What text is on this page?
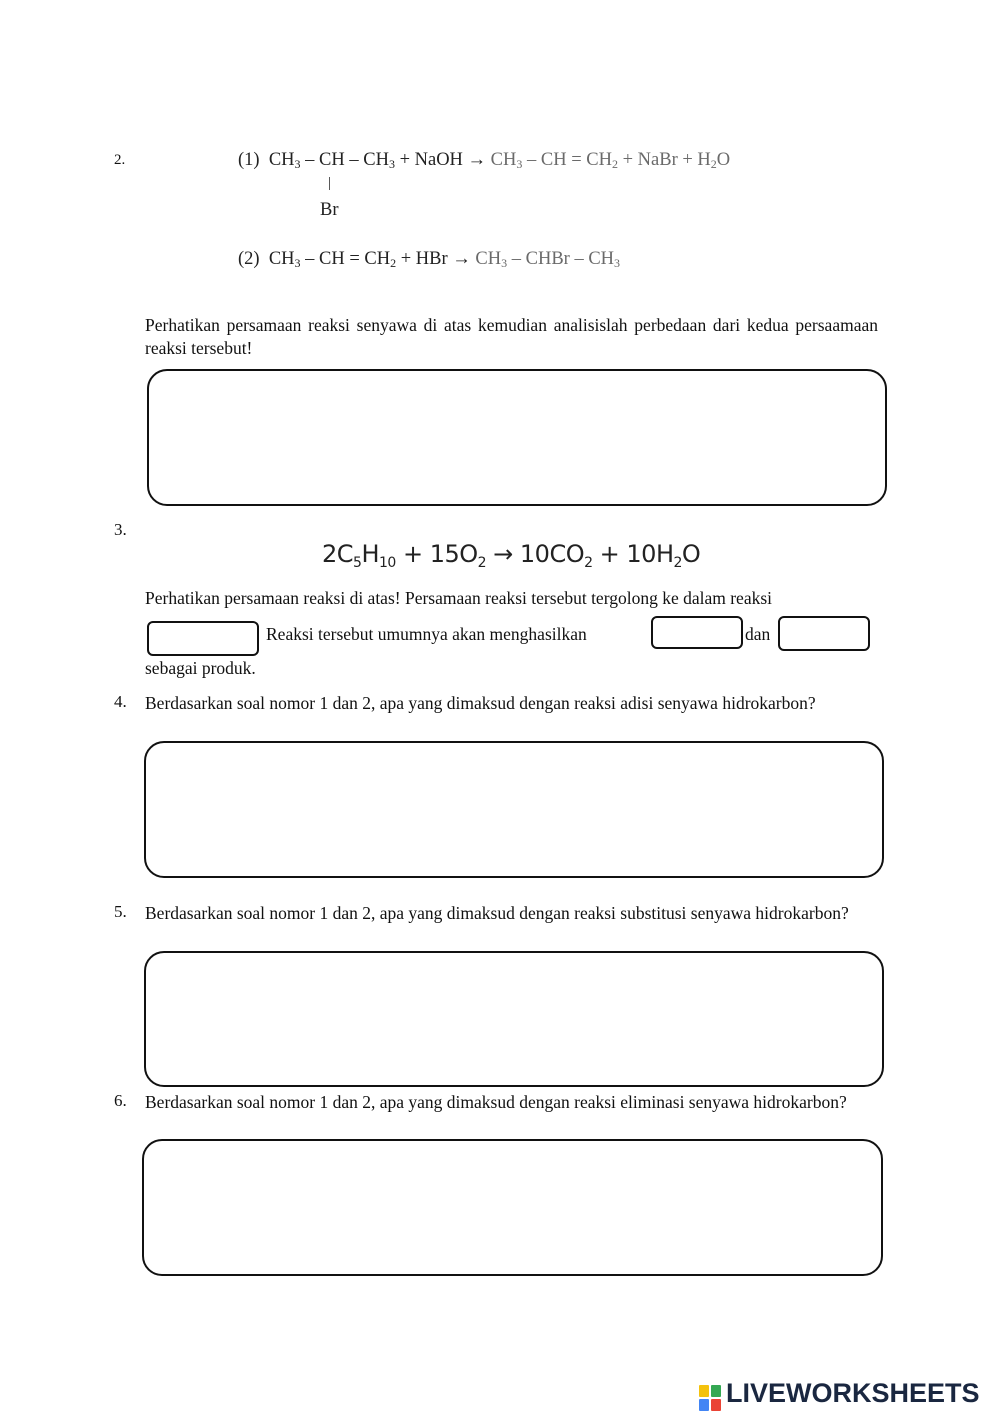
2.	(1) $CH_3$ – CH – $CH_3$ + NaOH → $CH_3$ – CH = $CH_2$ + NaBr + $H_2O$
|
Br
(2) $CH_3$ – CH = $CH_2$ + HBr → $CH_3$ – CHBr – $CH_3$
Perhatikan persamaan reaksi senyawa di atas kemudian analisislah perbedaan dari kedua persaamaan reaksi tersebut!
3.
$2C_5H_{10} + 15O_2 \to 10CO_2 + 10H_2O$
Perhatikan persamaan reaksi di atas! Persamaan reaksi tersebut tergolong ke dalam reaksi
Reaksi tersebut umumnya akan menghasilkan	dan
sebagai produk.
4. Berdasarkan soal nomor 1 dan 2, apa yang dimaksud dengan reaksi adisi senyawa hidrokarbon?
5. Berdasarkan soal nomor 1 dan 2, apa yang dimaksud dengan reaksi substitusi senyawa hidrokarbon?
6. Berdasarkan soal nomor 1 dan 2, apa yang dimaksud dengan reaksi eliminasi senyawa hidrokarbon?
LIVEWORKSHEETS
